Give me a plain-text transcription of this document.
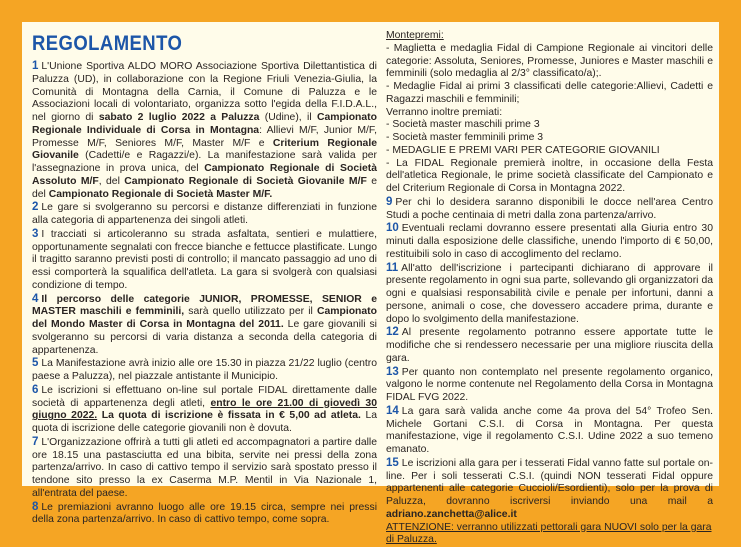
REGOLAMENTO

1 L'Unione Sportiva ALDO MORO Associazione Sportiva Dilettantistica di Paluzza (UD), in collaborazione con la Regione Friuli Venezia-Giulia, la Comunità di Montagna della Carnia, il Comune di Paluzza e le Associazioni locali di volontariato, organizza sotto l'egida della F.I.D.A.L., nel giorno di sabato 2 luglio 2022 a Paluzza (Udine), il Campionato Regionale Individuale di Corsa in Montagna: Allievi M/F, Junior M/F, Promesse M/F, Seniores M/F, Master M/F e Criterium Regionale Giovanile (Cadetti/e e Ragazzi/e). La manifestazione sarà valida per l'assegnazione in prova unica, del Campionato Regionale di Società Assoluto M/F, del Campionato Regionale di Società Giovanile M/F e del Campionato Regionale di Società Master M/F.

2 Le gare si svolgeranno su percorsi e distanze differenziati in funzione alla categoria di appartenenza dei singoli atleti.

3 I tracciati si articoleranno su strada asfaltata, sentieri e mulattiere, opportunamente segnalati con frecce bianche e fettucce plastificate. Lungo il tragitto saranno previsti posti di controllo; il mancato passaggio ad uno di essi comporterà la squalifica dell'atleta. La gara si svolgerà con qualsiasi condizione di tempo.

4 Il percorso delle categorie JUNIOR, PROMESSE, SENIOR e MASTER maschili e femminili, sarà quello utilizzato per il Campionato del Mondo Master di Corsa in Montagna del 2011. Le gare giovanili si svolgeranno su percorsi di varia distanza a seconda della categoria di appartenenza.

5 La Manifestazione avrà inizio alle ore 15.30 in piazza 21/22 luglio (centro paese a Paluzza), nel piazzale antistante il Municipio.

6 Le iscrizioni si effettuano on-line sul portale FIDAL direttamente dalle società di appartenenza degli atleti, entro le ore 21.00 di giovedì 30 giugno 2022. La quota di iscrizione è fissata in € 5,00 ad atleta. La quota di iscrizione delle categorie giovanili non è dovuta.

7 L'Organizzazione offrirà a tutti gli atleti ed accompagnatori a partire dalle ore 18.15 una pastasciutta ed una bibita, servite nei pressi della zona partenza/arrivo. In caso di cattivo tempo il servizio sarà spostato presso il tendone sito presso la ex Caserma M.P. Mentil in Via Nazionale 1, all'entrata del paese.

8 Le premiazioni avranno luogo alle ore 19.15 circa, sempre nei pressi della zona partenza/arrivo. In caso di cattivo tempo, come sopra.

Montepremi:

- Maglietta e medaglia Fidal di Campione Regionale ai vincitori delle categorie: Assoluta, Seniores, Promesse, Juniores e Master maschili e femminili (solo medaglia al 2/3° classificato/a);.

- Medaglie Fidal ai primi 3 classificati delle categorie:Allievi, Cadetti e Ragazzi maschili e femminili;

Verranno inoltre premiati:

- Società master maschili prime 3

- Società master femminili prime 3

- MEDAGLIE E PREMI VARI PER CATEGORIE GIOVANILI

- La FIDAL Regionale premierà inoltre, in occasione della Festa dell'atletica Regionale, le prime società classificate del Campionato e del Criterium Regionale di Corsa in Montagna 2022.

9 Per chi lo desidera saranno disponibili le docce nell'area Centro Studi a poche centinaia di metri dalla zona partenza/arrivo.

10 Eventuali reclami dovranno essere presentati alla Giuria entro 30 minuti dalla esposizione delle classifiche, unendo l'importo di € 50,00, restituibili solo in caso di accoglimento del reclamo.

11 All'atto dell'iscrizione i partecipanti dichiarano di approvare il presente regolamento in ogni sua parte, sollevando gli organizzatori da ogni e qualsiasi responsabilità civile e penale per infortuni, danni a persone, animali o cose, che dovessero accadere prima, durante e dopo lo svolgimento della manifestazione.

12 Al presente regolamento potranno essere apportate tutte le modifiche che si rendessero necessarie per una migliore riuscita della gara.

13 Per quanto non contemplato nel presente regolamento organico, valgono le norme contenute nel Regolamento della Corsa in Montagna FIDAL FVG 2022.

14 La gara sarà valida anche come 4a prova del 54° Trofeo Sen. Michele Gortani C.S.I. di Corsa in Montagna. Per questa manifestazione, vige il regolamento C.S.I. Udine 2022 a suo temeno emanato.

15 Le iscrizioni alla gara per i tesserati Fidal vanno fatte sul portale on-line. Per i soli tesserati C.S.I. (quindi NON tesserati Fidal oppure appartenenti alle categorie Cuccioli/Esordienti), solo per la prova di Paluzza, dovranno iscriversi inviando una mail a adriano.zanchetta@alice.it

ATTENZIONE: verranno utilizzati pettorali gara NUOVI solo per la gara di Paluzza.
